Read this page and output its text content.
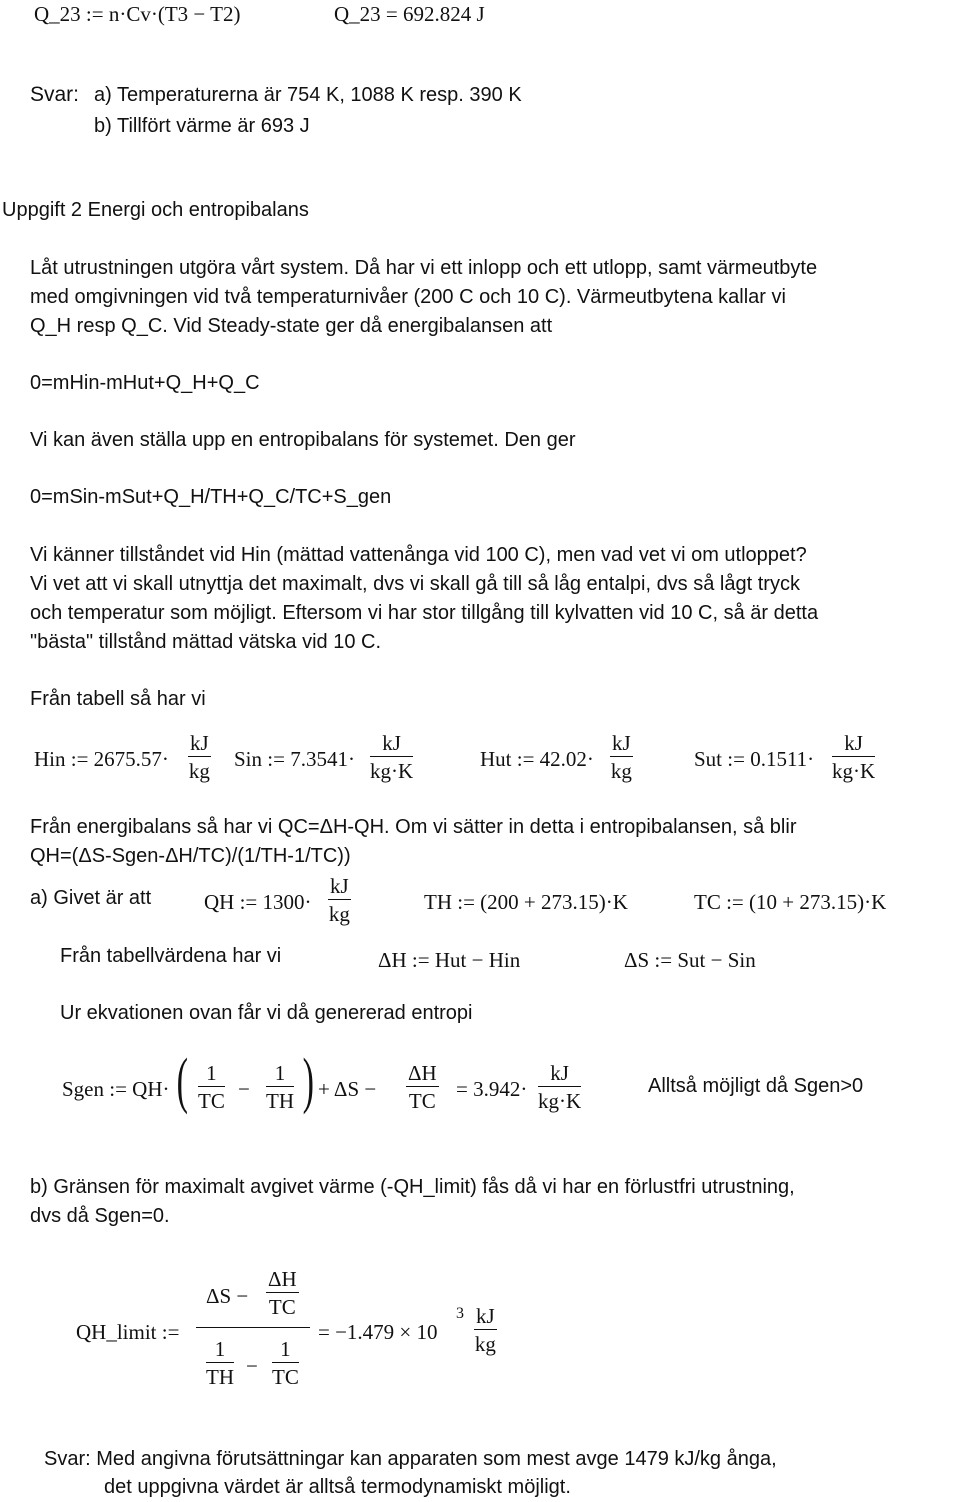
Q_23 := n·Cv·(T3 − T2)	Q_23 = 692.824 J
Svar: a) Temperaturerna är 754 K, 1088 K resp. 390 K
b) Tillfört värme är 693 J
Uppgift 2 Energi och entropibalans
Låt utrustningen utgöra vårt system. Då har vi ett inlopp och ett utlopp, samt värmeutbyte
med omgivningen vid två temperaturnivåer (200 C och 10 C). Värmeutbytena kallar vi
Q_H resp Q_C. Vid Steady-state ger då energibalansen att
0=mHin-mHut+Q_H+Q_C
Vi kan även ställa upp en entropibalans för systemet. Den ger
0=mSin-mSut+Q_H/TH+Q_C/TC+S_gen
Vi känner tillståndet vid Hin (mättad vattenånga vid 100 C), men vad vet vi om utloppet?
Vi vet att vi skall utnyttja det maximalt, dvs vi skall gå till så låg entalpi, dvs så lågt tryck
och temperatur som möjligt. Eftersom vi har stor tillgång till kylvatten vid 10 C, så är detta
"bästa" tillstånd mättad vätska vid 10 C.
Från tabell så har vi
Hin := $2675.57\cdot \frac{kJ}{kg}$ Sin := $7.3541\cdot \frac{kJ}{kg\cdot K}$	Hut := $42.02\cdot \frac{kJ}{kg}$	Sut := $0.1511\cdot \frac{kJ}{kg\cdot K}$
Från energibalans så har vi QC=ΔH-QH. Om vi sätter in detta i entropibalansen, så blir
QH=(ΔS-Sgen-ΔH/TC)/(1/TH-1/TC))
a) Givet är att	QH := $1300\cdot \frac{kJ}{kg}$	TH := (200 + 273.15)·K	TC := (10 + 273.15)·K
Från tabellvärdena har vi	ΔH := Hut − Hin	ΔS := Sut − Sin
Ur ekvationen ovan får vi då genererad entropi
Sgen := QH· ( $\frac{1}{TC} - \frac{1}{TH}$ ) + $\Delta S - \frac{\Delta H}{TC} = 3.942\cdot \frac{kJ}{kg\cdot K}$	Alltså möjligt då Sgen>0
b) Gränsen för maximalt avgivet värme (-QH_limit) fås då vi har en förlustfri utrustning,
dvs då Sgen=0.
QH_limit :=
$\Delta S - \frac{\Delta H}{TC}$
$\frac{1}{TH} - \frac{1}{TC}$
= −1.479 × 10
$3 \frac{kJ}{kg}$
Svar: Med angivna förutsättningar kan apparaten som mest avge 1479 kJ/kg ånga,
det uppgivna värdet är alltså termodynamiskt möjligt.
